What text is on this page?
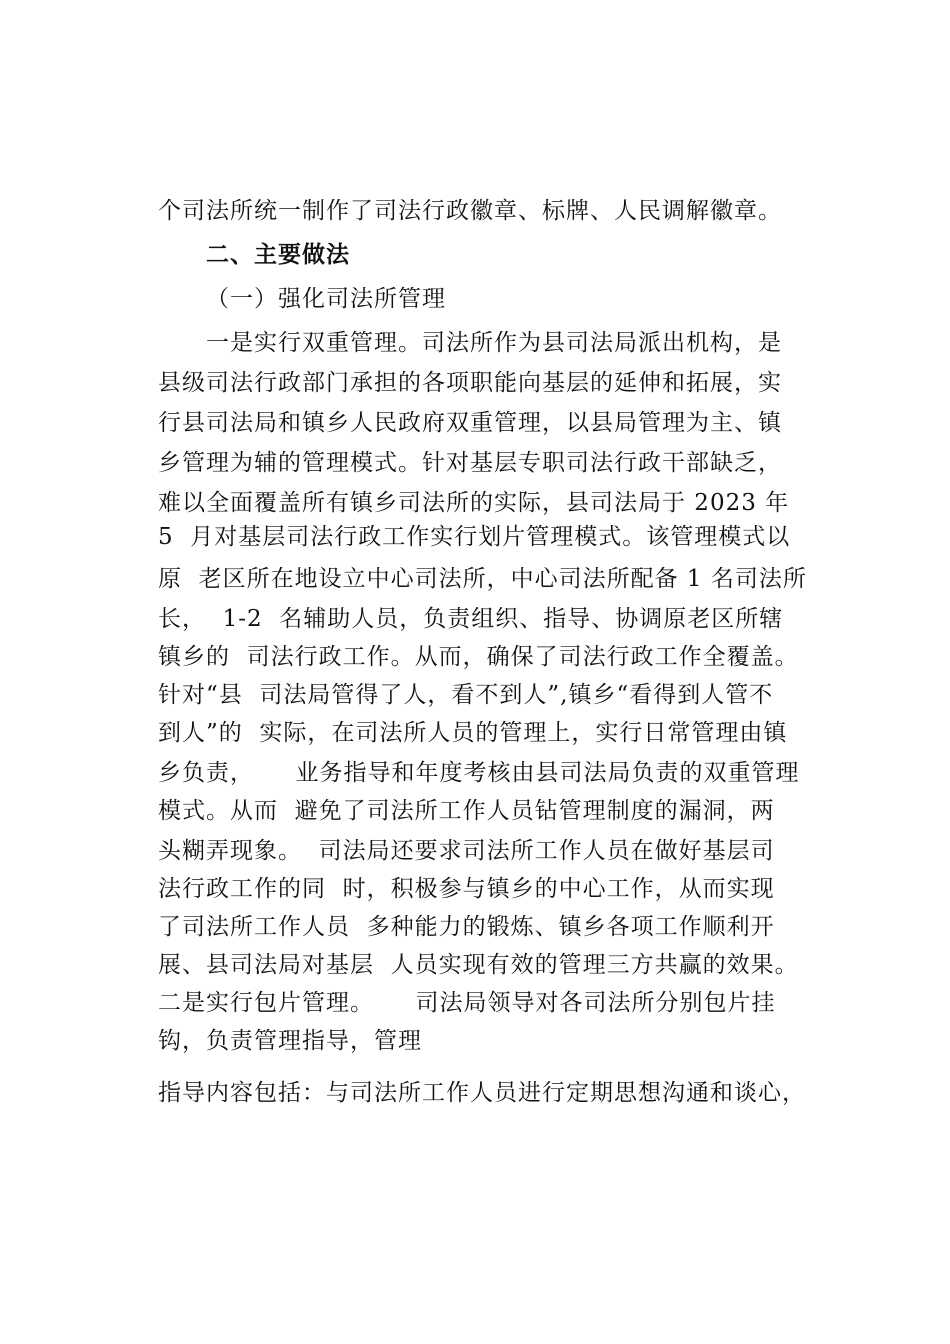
个司法所统一制作了司法行政徽章、标牌、人民调解徽章。
二、主要做法
（一）强化司法所管理
一是实行双重管理。司法所作为县司法局派出机构，是
县级司法行政部门承担的各项职能向基层的延伸和拓展，实
行县司法局和镇乡人民政府双重管理，以县局管理为主、镇
乡管理为辅的管理模式。针对基层专职司法行政干部缺乏，
难以全面覆盖所有镇乡司法所的实际，县司法局于 2023 年
5  月对基层司法行政工作实行划片管理模式。该管理模式以
原  老区所在地设立中心司法所，中心司法所配备 1 名司法所
长，  1-2  名辅助人员，负责组织、指导、协调原老区所辖
镇乡的  司法行政工作。从而，确保了司法行政工作全覆盖。
针对“县  司法局管得了人，看不到人”,镇乡“看得到人管不
到人”的  实际，在司法所人员的管理上，实行日常管理由镇
乡负责，     业务指导和年度考核由县司法局负责的双重管理
模式。从而  避免了司法所工作人员钻管理制度的漏洞，两
头糊弄现象。  司法局还要求司法所工作人员在做好基层司
法行政工作的同  时，积极参与镇乡的中心工作，从而实现
了司法所工作人员  多种能力的锻炼、镇乡各项工作顺利开
展、县司法局对基层  人员实现有效的管理三方共赢的效果。
二是实行包片管理。     司法局领导对各司法所分别包片挂
钩，负责管理指导，管理
指导内容包括：与司法所工作人员进行定期思想沟通和谈心，
